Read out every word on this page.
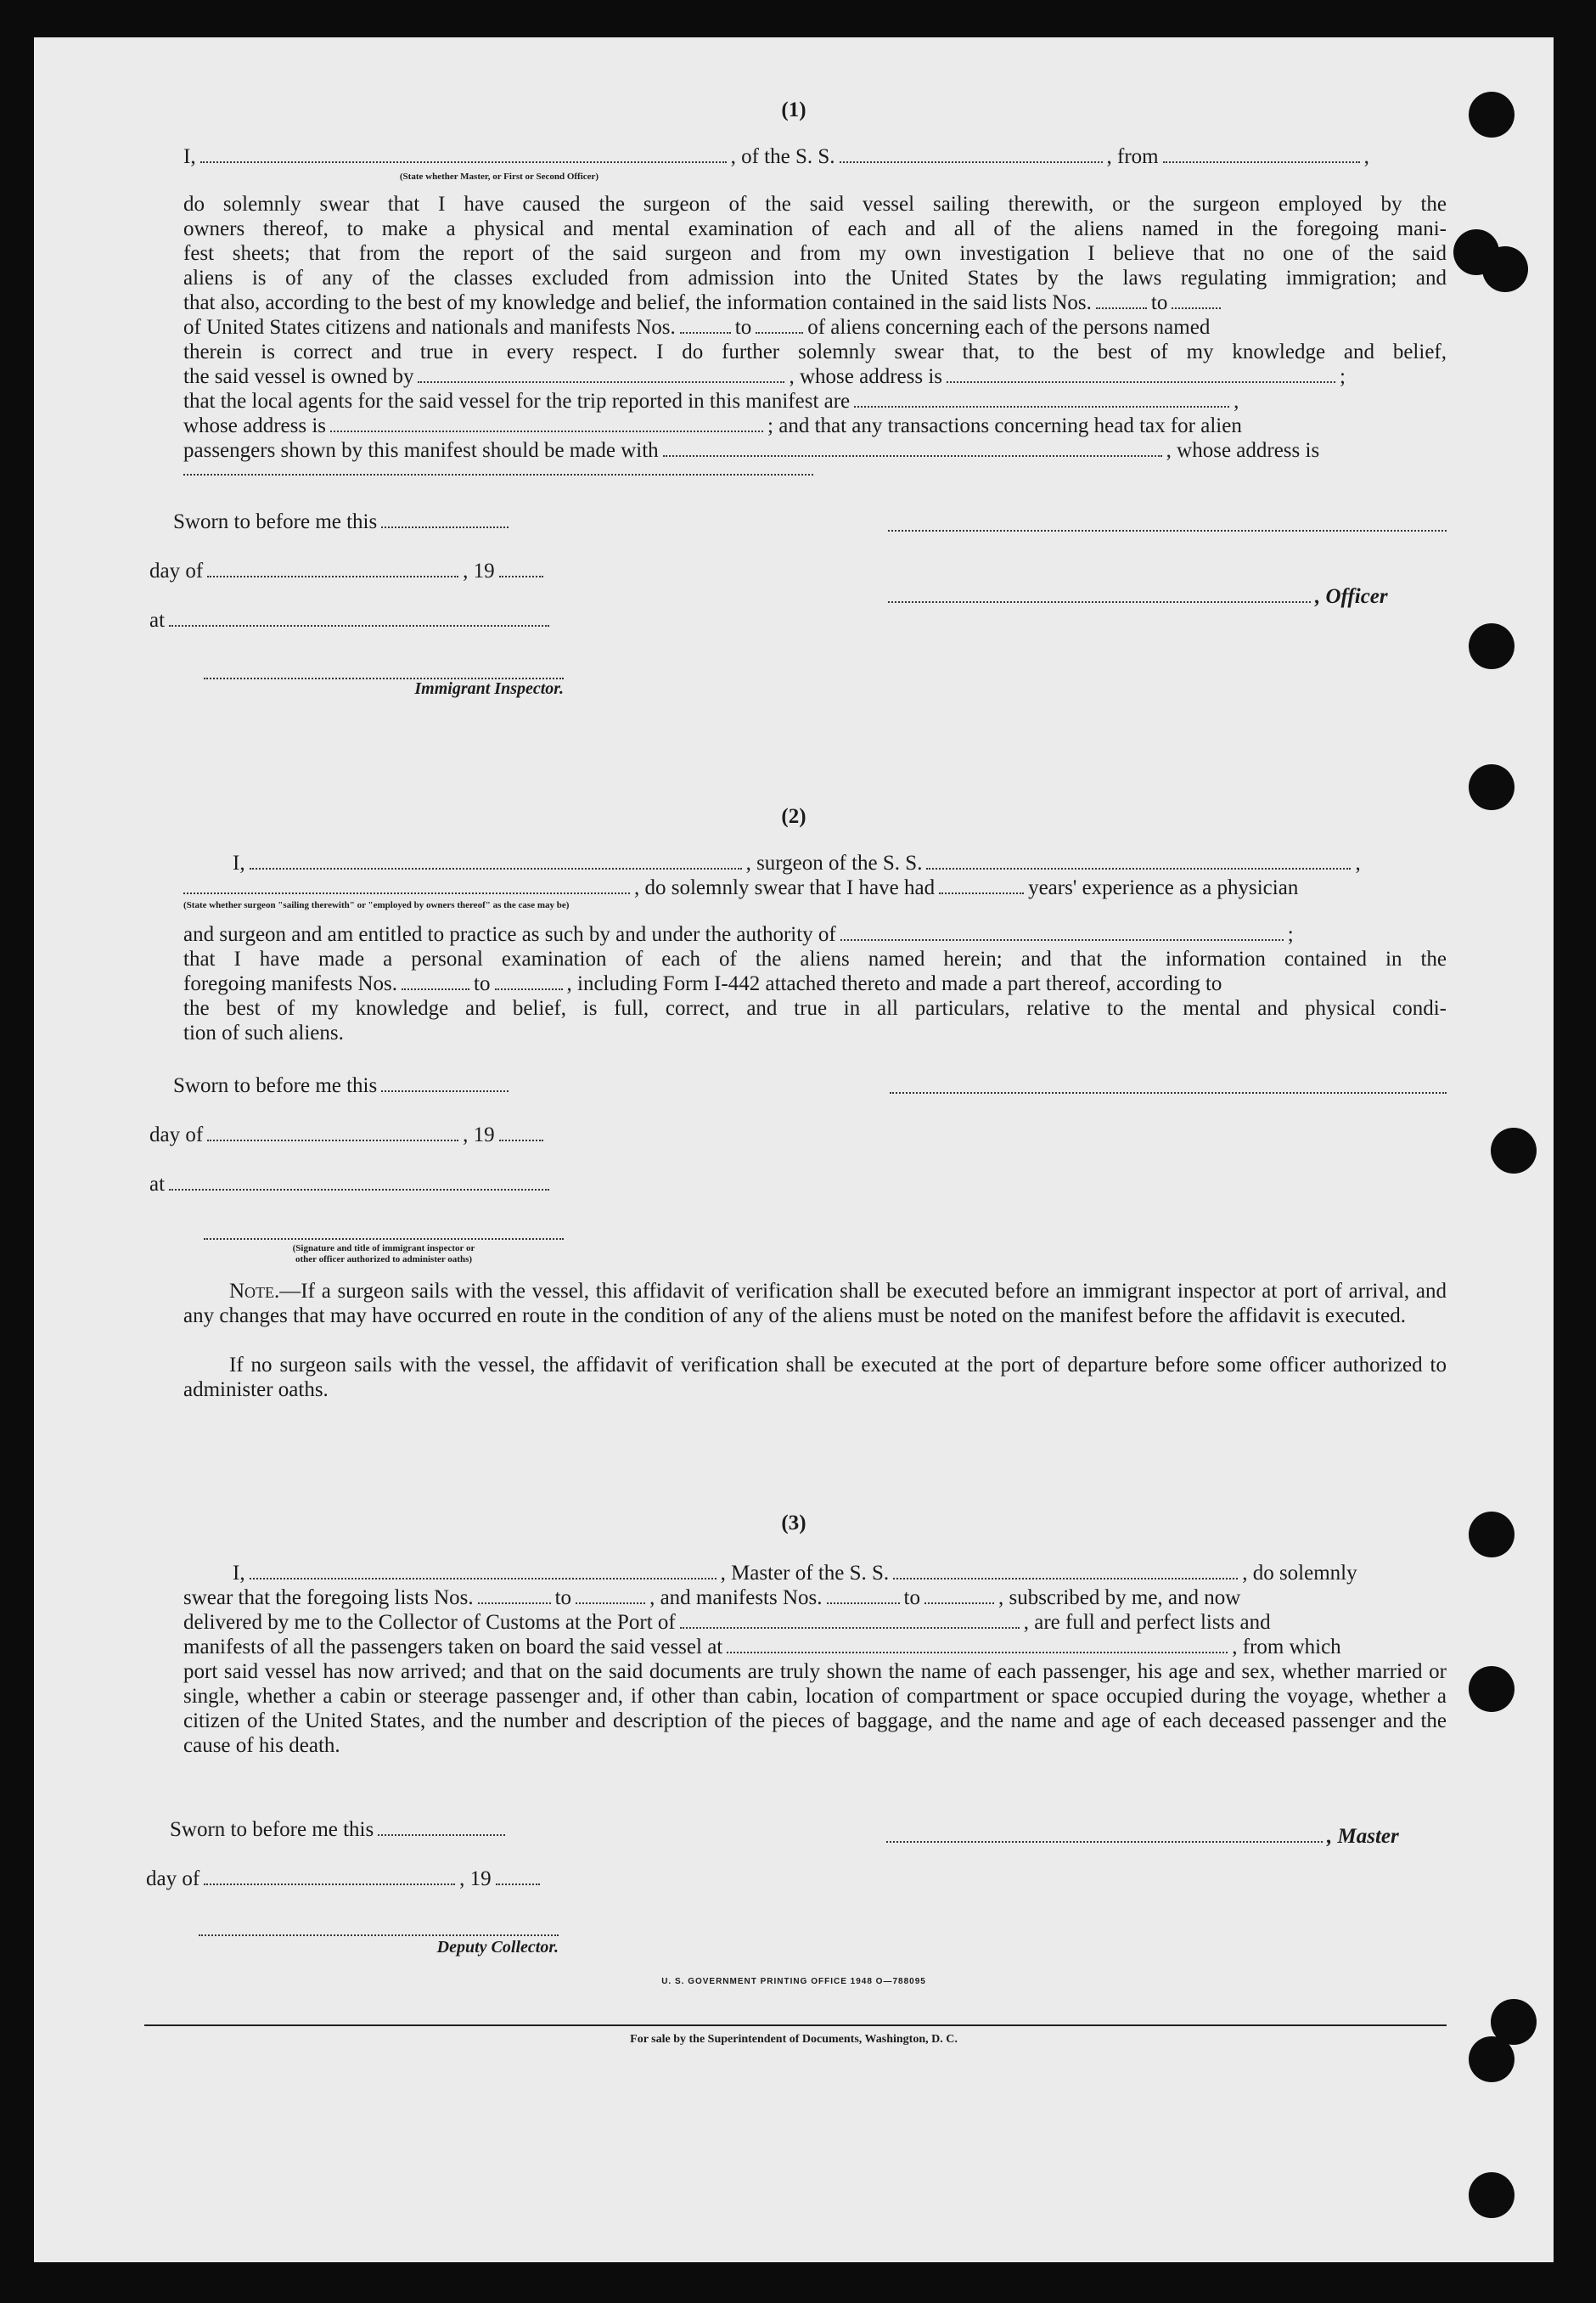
(1)
I,	, of the S. S.	, from	,
(State whether Master, or First or Second Officer)
do solemnly swear that I have caused the surgeon of the said vessel sailing therewith, or the surgeon employed by the
owners thereof, to make a physical and mental examination of each and all of the aliens named in the foregoing mani-
fest sheets; that from the report of the said surgeon and from my own investigation I believe that no one of the said
aliens is of any of the classes excluded from admission into the United States by the laws regulating immigration; and
that also, according to the best of my knowledge and belief, the information contained in the said lists Nos.	to
of United States citizens and nationals and manifests Nos.	to	of aliens concerning each of the persons named
therein is correct and true in every respect. I do further solemnly swear that, to the best of my knowledge and belief,
the said vessel is owned by	, whose address is	;
that the local agents for the said vessel for the trip reported in this manifest are	,
whose address is	; and that any transactions concerning head tax for alien
passengers shown by this manifest should be made with	, whose address is
Sworn to before me this
day of	, 19
, Officer
at
Immigrant Inspector.
(2)
I,	, surgeon of the S. S.	,
, do solemnly swear that I have had	years' experience as a physician
(State whether surgeon "sailing therewith" or "employed by owners thereof" as the case may be)
and surgeon and am entitled to practice as such by and under the authority of	;
that I have made a personal examination of each of the aliens named herein; and that the information contained in the
foregoing manifests Nos.	to	, including Form I-442 attached thereto and made a part thereof, according to
the best of my knowledge and belief, is full, correct, and true in all particulars, relative to the mental and physical condi-
tion of such aliens.
Sworn to before me this
day of	, 19
at
(Signature and title of immigrant inspector or
other officer authorized to administer oaths)
Note.—If a surgeon sails with the vessel, this affidavit of verification shall be executed before an immigrant inspector at port of arrival, and any changes that may have occurred en route in the condition of any of the aliens must be noted on the manifest before the affidavit is executed.
If no surgeon sails with the vessel, the affidavit of verification shall be executed at the port of departure before some officer authorized to administer oaths.
(3)
I,	, Master of the S. S.	, do solemnly
swear that the foregoing lists Nos.	to	, and manifests Nos.	to	, subscribed by me, and now
delivered by me to the Collector of Customs at the Port of	, are full and perfect lists and
manifests of all the passengers taken on board the said vessel at	, from which
port said vessel has now arrived; and that on the said documents are truly shown the name of each passenger, his age and sex, whether married or single, whether a cabin or steerage passenger and, if other than cabin, location of compartment or space occupied during the voyage, whether a citizen of the United States, and the number and description of the pieces of baggage, and the name and age of each deceased passenger and the cause of his death.
Sworn to before me this	, Master
day of	, 19
Deputy Collector.
U. S. GOVERNMENT PRINTING OFFICE 1948 O—788095
For sale by the Superintendent of Documents, Washington, D. C.
